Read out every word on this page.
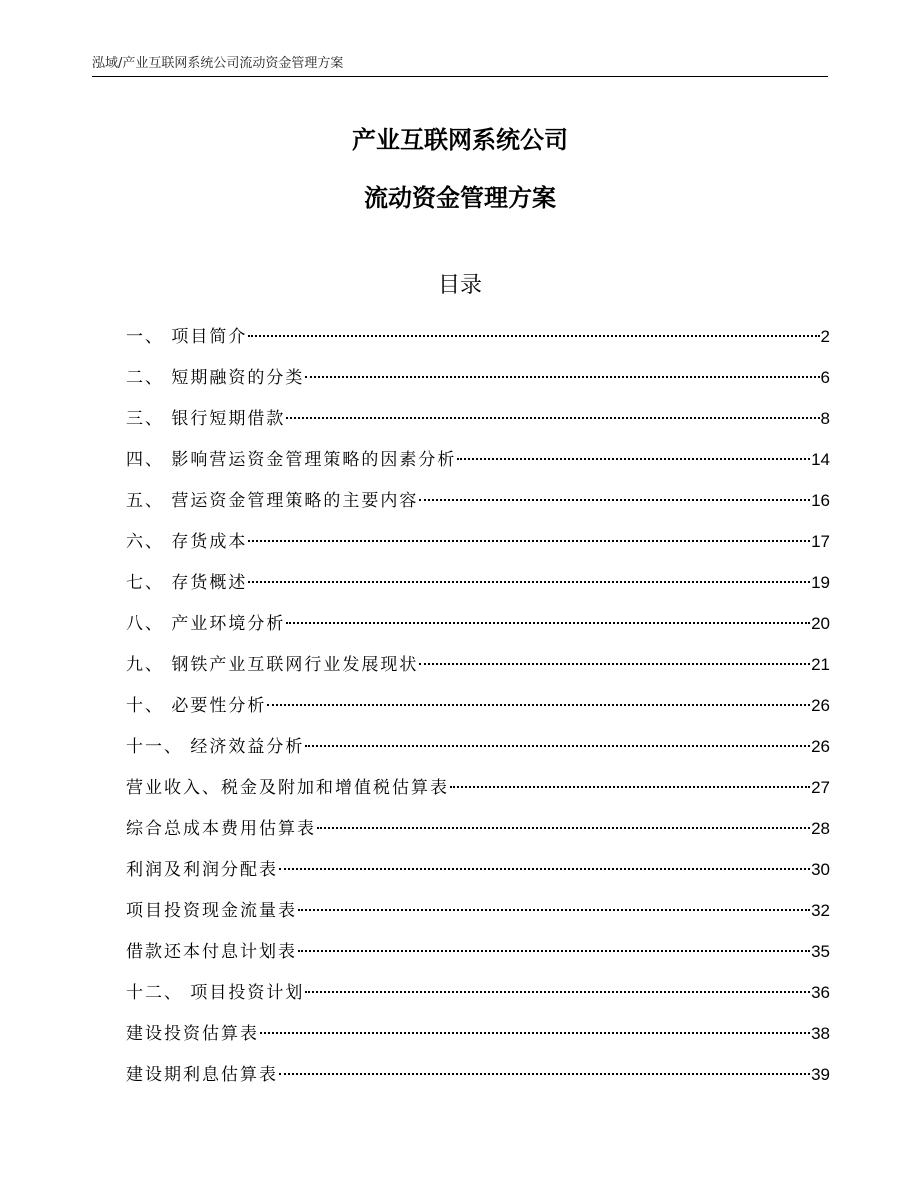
泓域/产业互联网系统公司流动资金管理方案
产业互联网系统公司
流动资金管理方案
目录
一、 项目简介	2
二、 短期融资的分类	6
三、 银行短期借款	8
四、 影响营运资金管理策略的因素分析	14
五、 营运资金管理策略的主要内容	16
六、 存货成本	17
七、 存货概述	19
八、 产业环境分析	20
九、 钢铁产业互联网行业发展现状	21
十、 必要性分析	26
十一、 经济效益分析	26
营业收入、税金及附加和增值税估算表	27
综合总成本费用估算表	28
利润及利润分配表	30
项目投资现金流量表	32
借款还本付息计划表	35
十二、 项目投资计划	36
建设投资估算表	38
建设期利息估算表	39
